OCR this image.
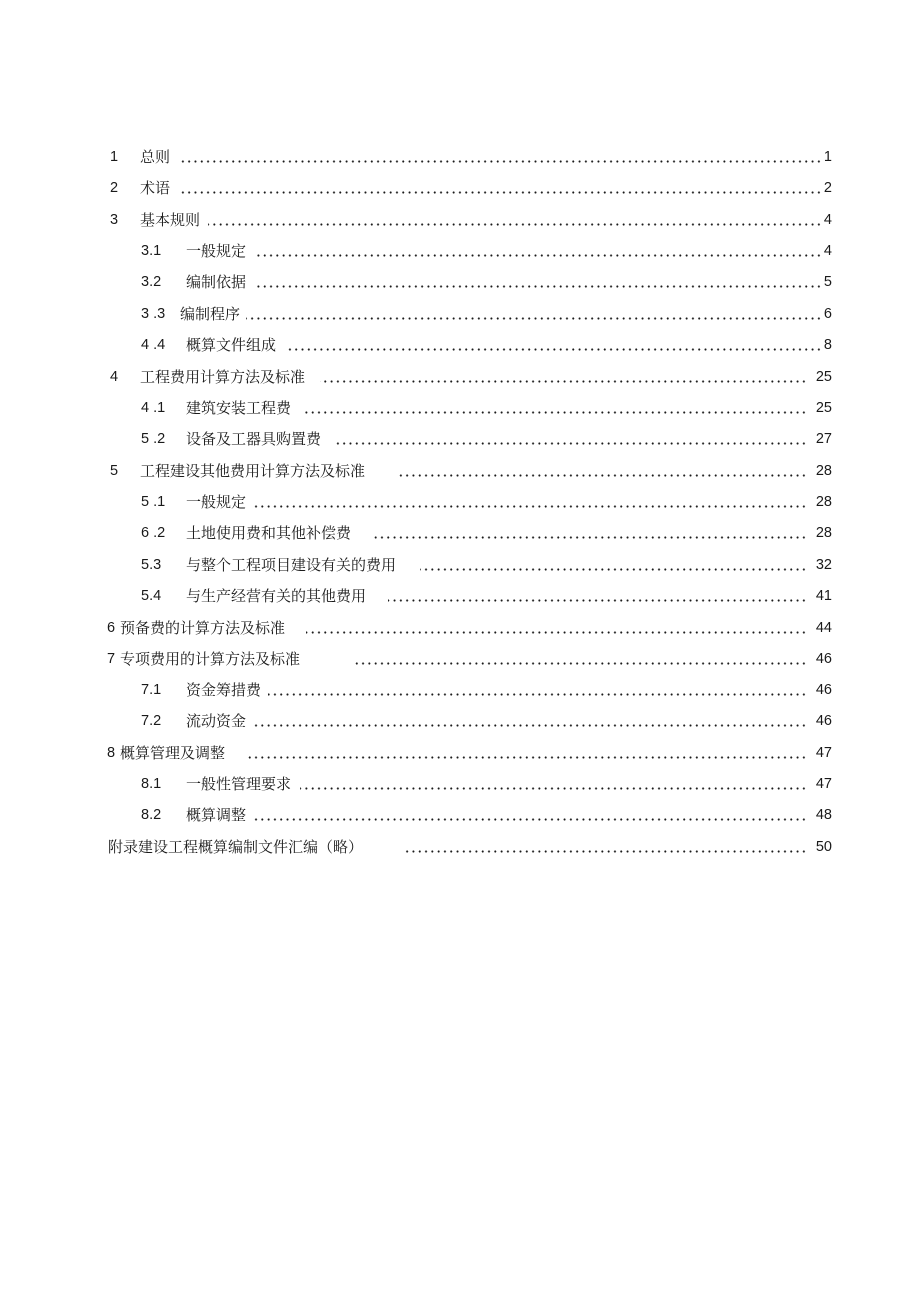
1 总则	1
2 术语	2
3 基本规则	4
3.1 一般规定	4
3.2 编制依据	5
3 .3 编制程序	6
4 .4 概算文件组成	8
4 工程费用计算方法及标准	25
4 .1 建筑安装工程费	25
5 .2 设备及工器具购置费	27
5 工程建设其他费用计算方法及标准	28
5 .1 一般规定	28
6 .2 土地使用费和其他补偿费	28
5.3 与整个工程项目建设有关的费用	32
5.4 与生产经营有关的其他费用	41
6 预备费的计算方法及标准	44
7 专项费用的计算方法及标准	46
7.1 资金筹措费	46
7.2 流动资金	46
8 概算管理及调整	47
8.1 一般性管理要求	47
8.2 概算调整	48
附录建设工程概算编制文件汇编（略）	50
